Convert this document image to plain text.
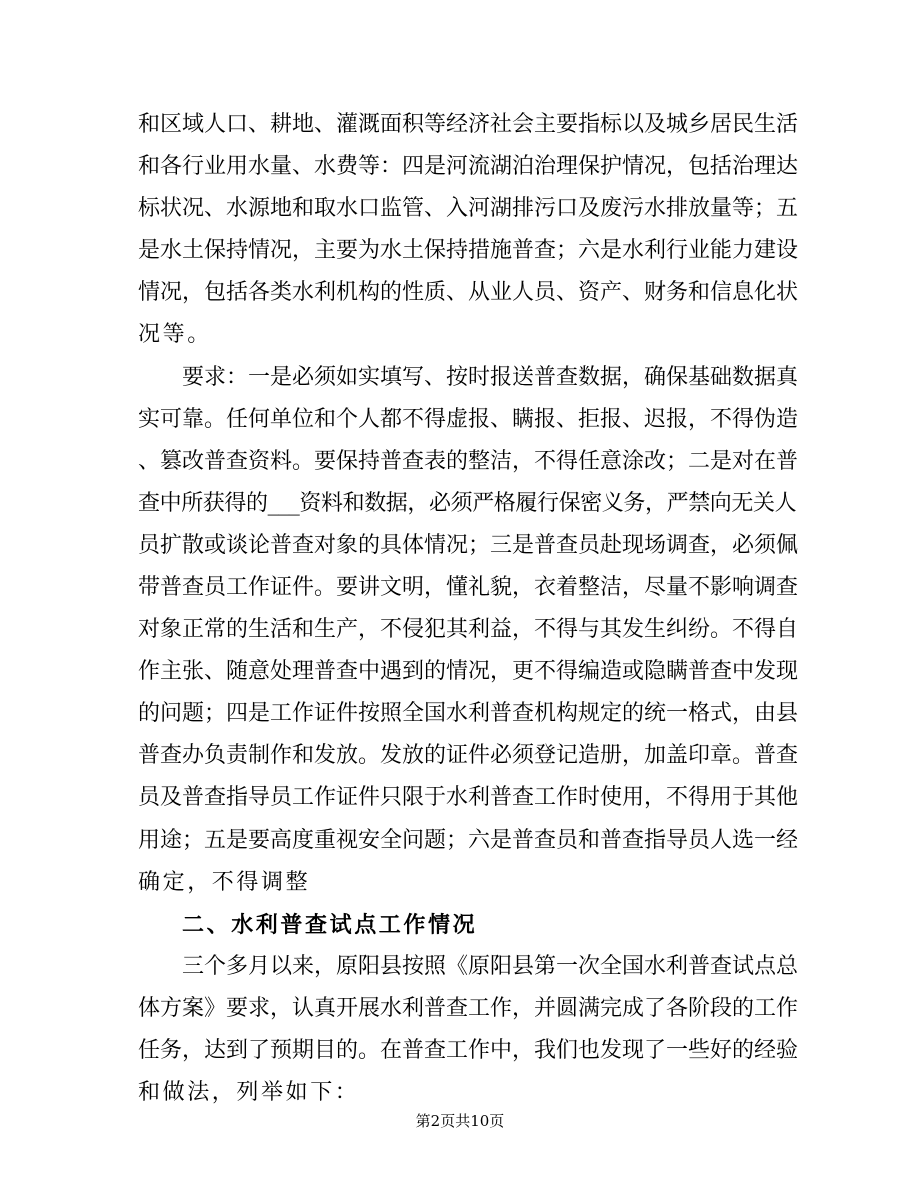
和区域人口、耕地、灌溉面积等经济社会主要指标以及城乡居民生活
和各行业用水量、水费等：四是河流湖泊治理保护情况，包括治理达
标状况、水源地和取水口监管、入河湖排污口及废污水排放量等；五
是水土保持情况，主要为水土保持措施普查；六是水利行业能力建设
情况，包括各类水利机构的性质、从业人员、资产、财务和信息化状
况等。
要求：一是必须如实填写、按时报送普查数据，确保基础数据真
实可靠。任何单位和个人都不得虚报、瞒报、拒报、迟报，不得伪造
、篡改普查资料。要保持普查表的整洁，不得任意涂改；二是对在普
查中所获得的___资料和数据，必须严格履行保密义务，严禁向无关人
员扩散或谈论普查对象的具体情况；三是普查员赴现场调查，必须佩
带普查员工作证件。要讲文明，懂礼貌，衣着整洁，尽量不影响调查
对象正常的生活和生产，不侵犯其利益，不得与其发生纠纷。不得自
作主张、随意处理普查中遇到的情况，更不得编造或隐瞒普查中发现
的问题；四是工作证件按照全国水利普查机构规定的统一格式，由县
普查办负责制作和发放。发放的证件必须登记造册，加盖印章。普查
员及普查指导员工作证件只限于水利普查工作时使用，不得用于其他
用途；五是要高度重视安全问题；六是普查员和普查指导员人选一经
确定，不得调整
二、水利普查试点工作情况
三个多月以来，原阳县按照《原阳县第一次全国水利普查试点总
体方案》要求，认真开展水利普查工作，并圆满完成了各阶段的工作
任务，达到了预期目的。在普查工作中，我们也发现了一些好的经验
和做法，列举如下：
第2页共10页
